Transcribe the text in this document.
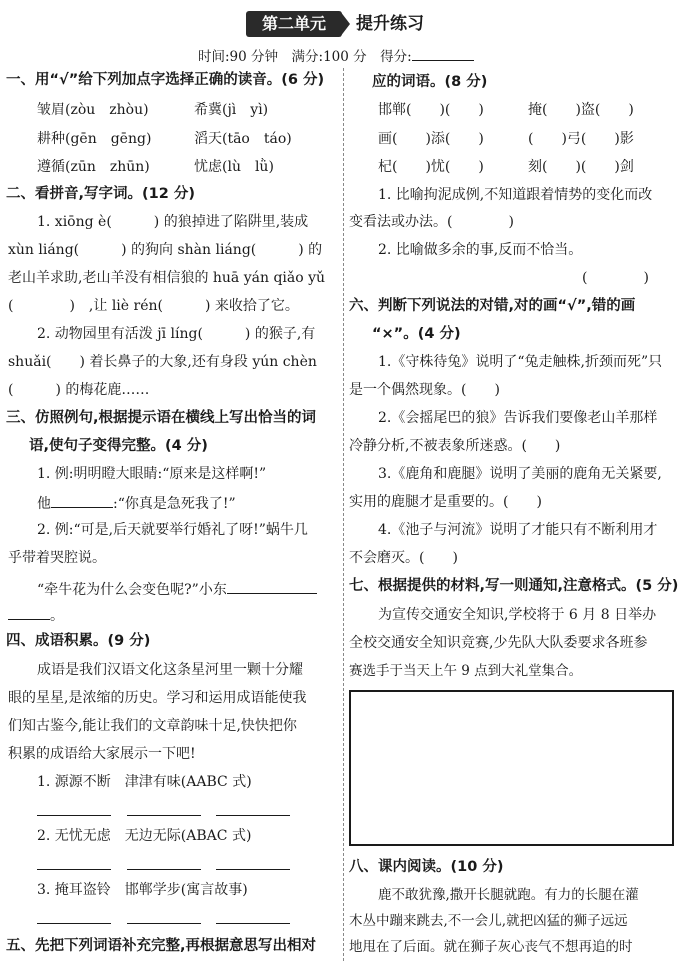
第二单元	提升练习
时间:90 分钟　满分:100 分　得分:
一、用“√”给下列加点字选择正确的读音。(6 分)
皱眉(zòu　zhòu)	希冀(jì　yì)
耕种(gēn　gēng)	滔天(tāo　táo)
遵循(zūn　zhūn)	忧虑(lù　lǜ)
二、看拼音,写字词。(12 分)
1. xiōng è(　　　) 的狼掉进了陷阱里,装成
xùn liáng(　　　) 的狗向 shàn liáng(　　　) 的
老山羊求助,老山羊没有相信狼的 huā yán qiǎo yǔ
(　　　　)　,让 liè rén(　　　) 来收拾了它。
2. 动物园里有活泼 jī líng(　　　) 的猴子,有
shuǎi(　　) 着长鼻子的大象,还有身段 yún chèn
(　　　) 的梅花鹿……
三、仿照例句,根据提示语在横线上写出恰当的词
语,使句子变得完整。(4 分)
1. 例:明明瞪大眼睛:“原来是这样啊!”
他	:“你真是急死我了!”
2. 例:“可是,后天就要举行婚礼了呀!”蜗牛几
乎带着哭腔说。
“牵牛花为什么会变色呢?”小东
。
四、成语积累。(9 分)
成语是我们汉语文化这条星河里一颗十分耀
眼的星星,是浓缩的历史。学习和运用成语能使我
们知古鉴今,能让我们的文章韵味十足,快快把你
积累的成语给大家展示一下吧!
1. 源源不断　津津有味(AABC 式)
2. 无忧无虑　无边无际(ABAC 式)
3. 掩耳盗铃　邯郸学步(寓言故事)
五、先把下列词语补充完整,再根据意思写出相对
应的词语。(8 分)
邯郸(　　)(　　)	掩(　　)盗(　　)
画(　　)添(　　)	(　　)弓(　　)影
杞(　　)忧(　　)	刻(　　)(　　)剑
1. 比喻拘泥成例,不知道跟着情势的变化而改
变看法或办法。(　　　　)
2. 比喻做多余的事,反而不恰当。
(　　　　)
六、判断下列说法的对错,对的画“√”,错的画
“×”。(4 分)
1.《守株待兔》说明了“兔走触株,折颈而死”只
是一个偶然现象。(　　)
2.《会摇尾巴的狼》告诉我们要像老山羊那样
冷静分析,不被表象所迷惑。(　　)
3.《鹿角和鹿腿》说明了美丽的鹿角无关紧要,
实用的鹿腿才是重要的。(　　)
4.《池子与河流》说明了才能只有不断利用才
不会磨灭。(　　)
七、根据提供的材料,写一则通知,注意格式。(5 分)
为宣传交通安全知识,学校将于 6 月 8 日举办
全校交通安全知识竞赛,少先队大队委要求各班参
赛选手于当天上午 9 点到大礼堂集合。
八、课内阅读。(10 分)
鹿不敢犹豫,撒开长腿就跑。有力的长腿在灌
木丛中蹦来跳去,不一会儿,就把凶猛的狮子远远
地甩在了后面。就在狮子灰心丧气不想再追的时
